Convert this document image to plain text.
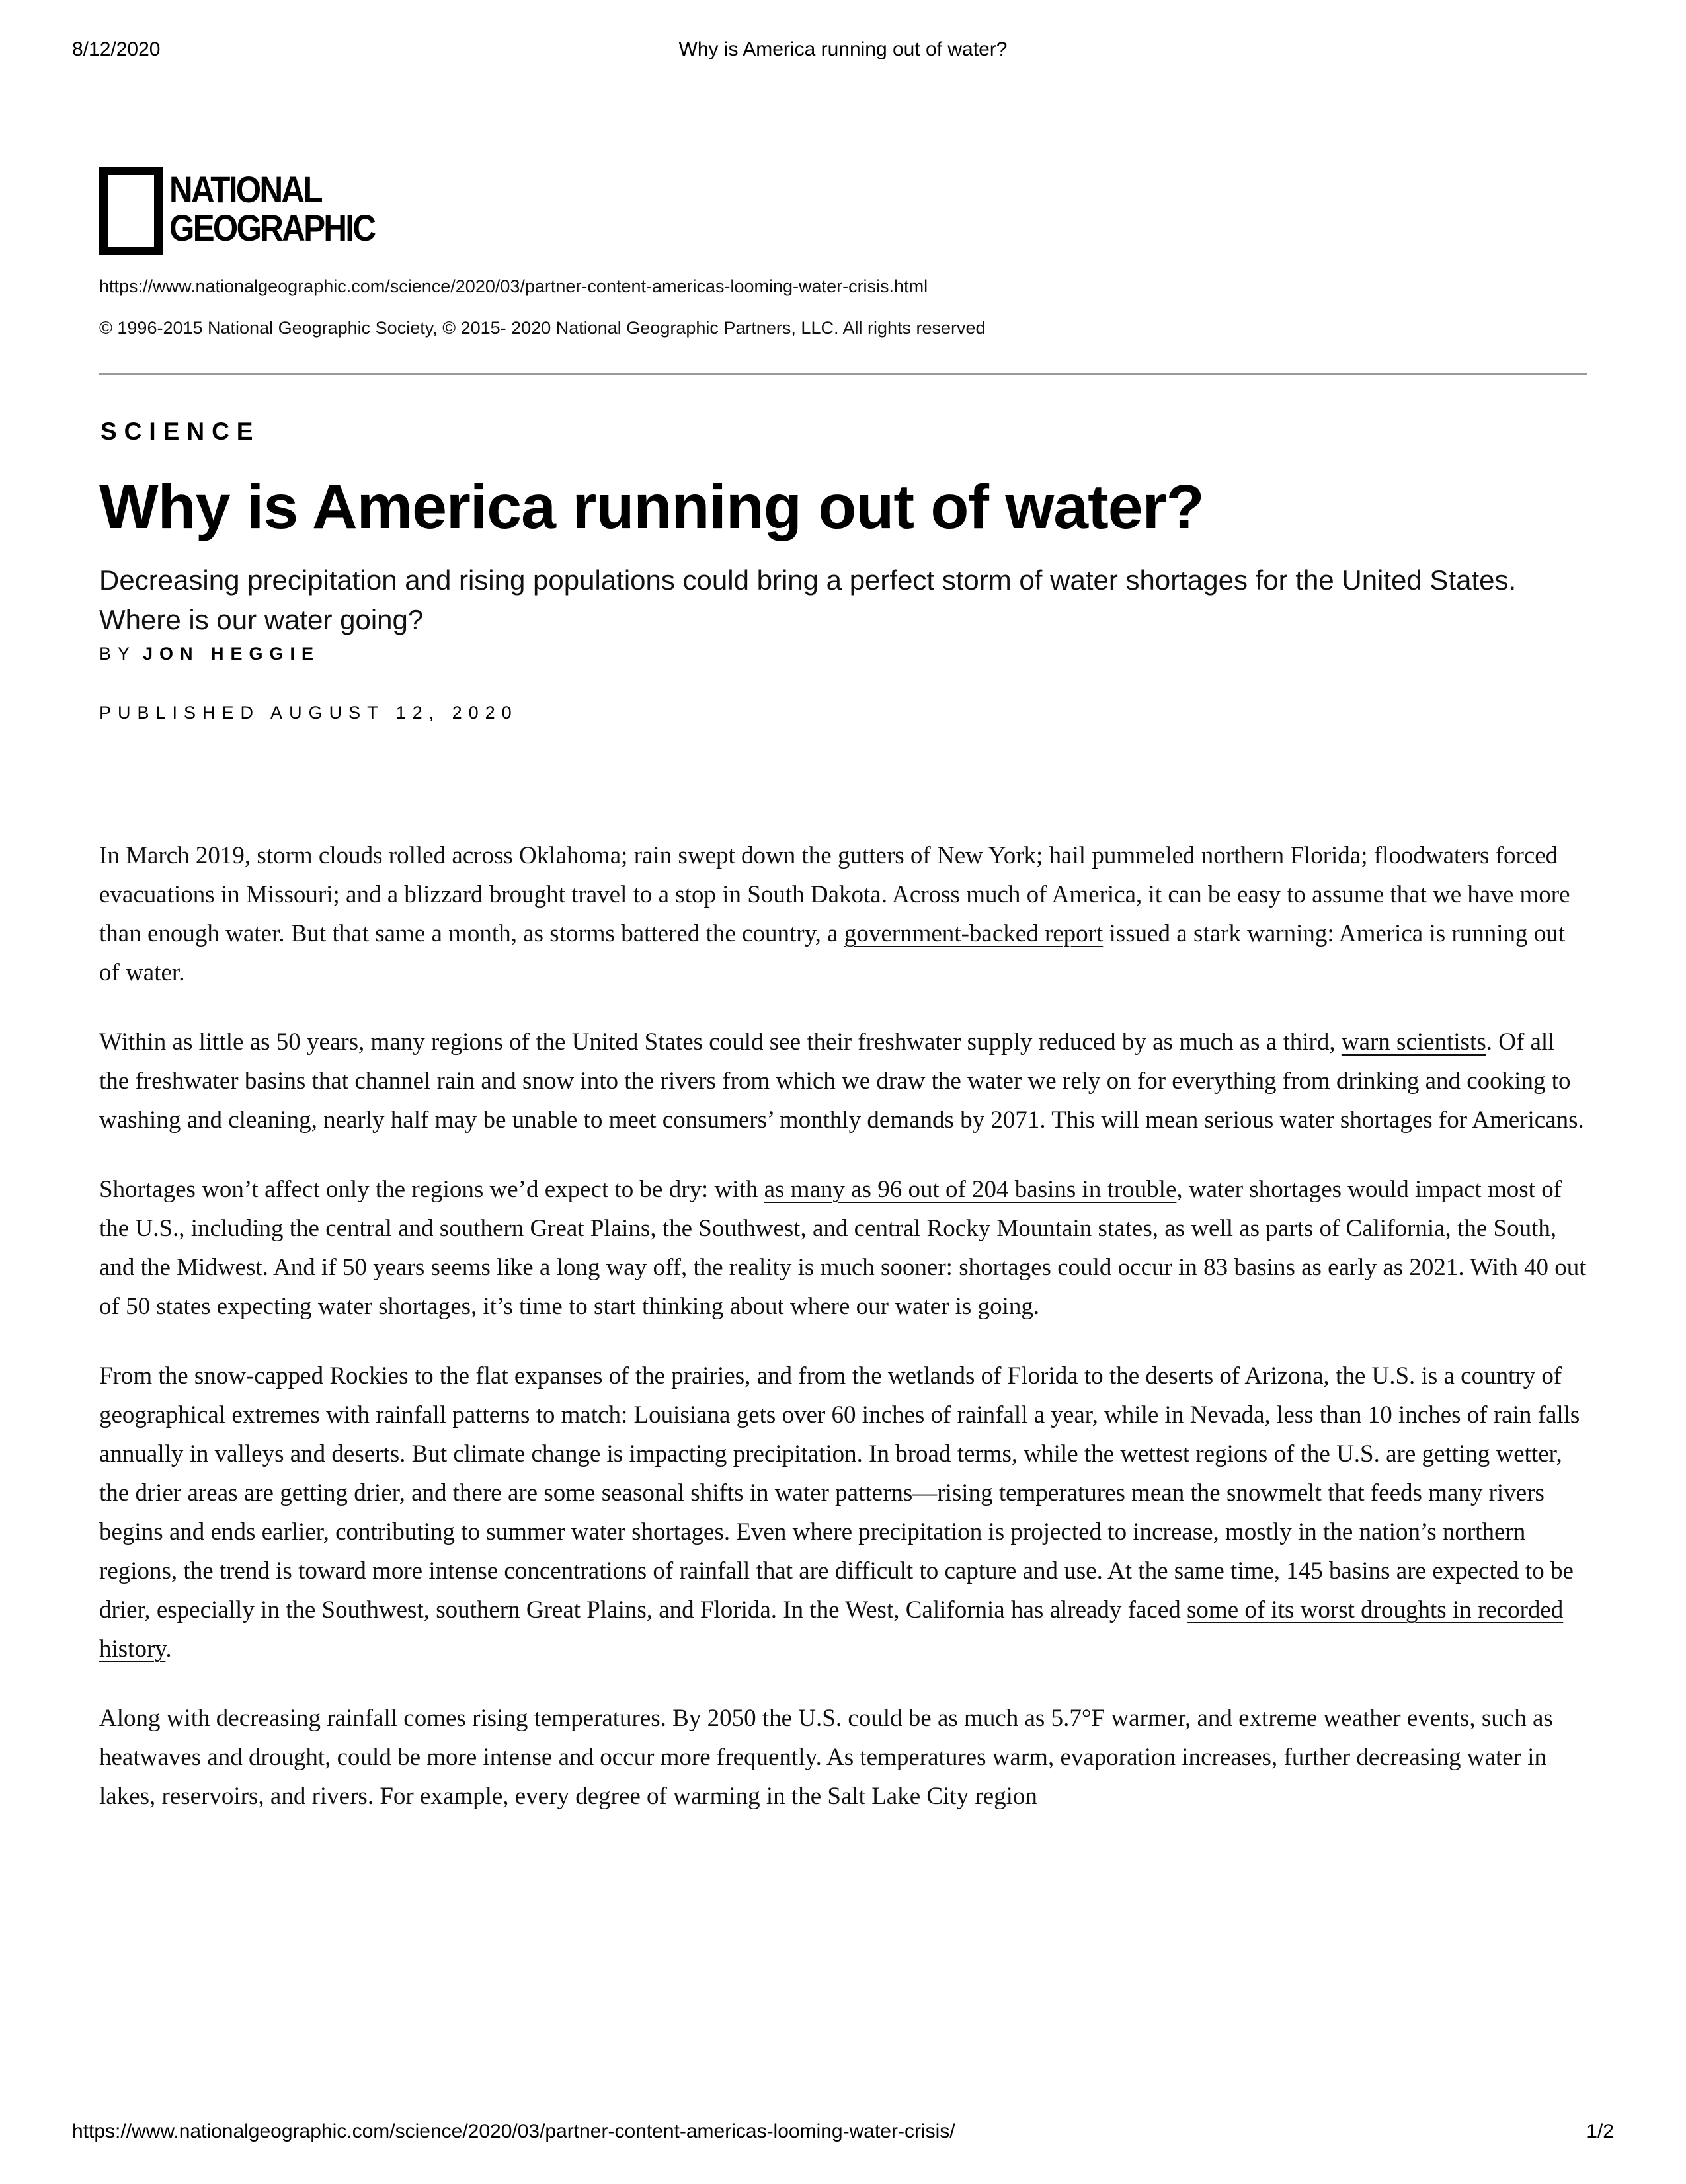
8/12/2020	Why is America running out of water?
NATIONAL
GEOGRAPHIC
https://www.nationalgeographic.com/science/2020/03/partner-content-americas-looming-water-crisis.html
© 1996-2015 National Geographic Society, © 2015- 2020 National Geographic Partners, LLC. All rights reserved
SCIENCE
Why is America running out of water?
Decreasing precipitation and rising populations could bring a perfect storm of water shortages for the United States. Where is our water going?
BY JON HEGGIE
PUBLISHED AUGUST 12, 2020

In March 2019, storm clouds rolled across Oklahoma; rain swept down the gutters of New York; hail pummeled northern Florida; floodwaters forced evacuations in Missouri; and a blizzard brought travel to a stop in South Dakota. Across much of America, it can be easy to assume that we have more than enough water. But that same a month, as storms battered the country, a government-backed report issued a stark warning: America is running out of water.

Within as little as 50 years, many regions of the United States could see their freshwater supply reduced by as much as a third, warn scientists. Of all the freshwater basins that channel rain and snow into the rivers from which we draw the water we rely on for everything from drinking and cooking to washing and cleaning, nearly half may be unable to meet consumers’ monthly demands by 2071. This will mean serious water shortages for Americans.

Shortages won’t affect only the regions we’d expect to be dry: with as many as 96 out of 204 basins in trouble, water shortages would impact most of the U.S., including the central and southern Great Plains, the Southwest, and central Rocky Mountain states, as well as parts of California, the South, and the Midwest. And if 50 years seems like a long way off, the reality is much sooner: shortages could occur in 83 basins as early as 2021. With 40 out of 50 states expecting water shortages, it’s time to start thinking about where our water is going.

From the snow-capped Rockies to the flat expanses of the prairies, and from the wetlands of Florida to the deserts of Arizona, the U.S. is a country of geographical extremes with rainfall patterns to match: Louisiana gets over 60 inches of rainfall a year, while in Nevada, less than 10 inches of rain falls annually in valleys and deserts. But climate change is impacting precipitation. In broad terms, while the wettest regions of the U.S. are getting wetter, the drier areas are getting drier, and there are some seasonal shifts in water patterns—rising temperatures mean the snowmelt that feeds many rivers begins and ends earlier, contributing to summer water shortages. Even where precipitation is projected to increase, mostly in the nation’s northern regions, the trend is toward more intense concentrations of rainfall that are difficult to capture and use. At the same time, 145 basins are expected to be drier, especially in the Southwest, southern Great Plains, and Florida. In the West, California has already faced some of its worst droughts in recorded history.

Along with decreasing rainfall comes rising temperatures. By 2050 the U.S. could be as much as 5.7°F warmer, and extreme weather events, such as heatwaves and drought, could be more intense and occur more frequently. As temperatures warm, evaporation increases, further decreasing water in lakes, reservoirs, and rivers. For example, every degree of warming in the Salt Lake City region

https://www.nationalgeographic.com/science/2020/03/partner-content-americas-looming-water-crisis/	1/2
